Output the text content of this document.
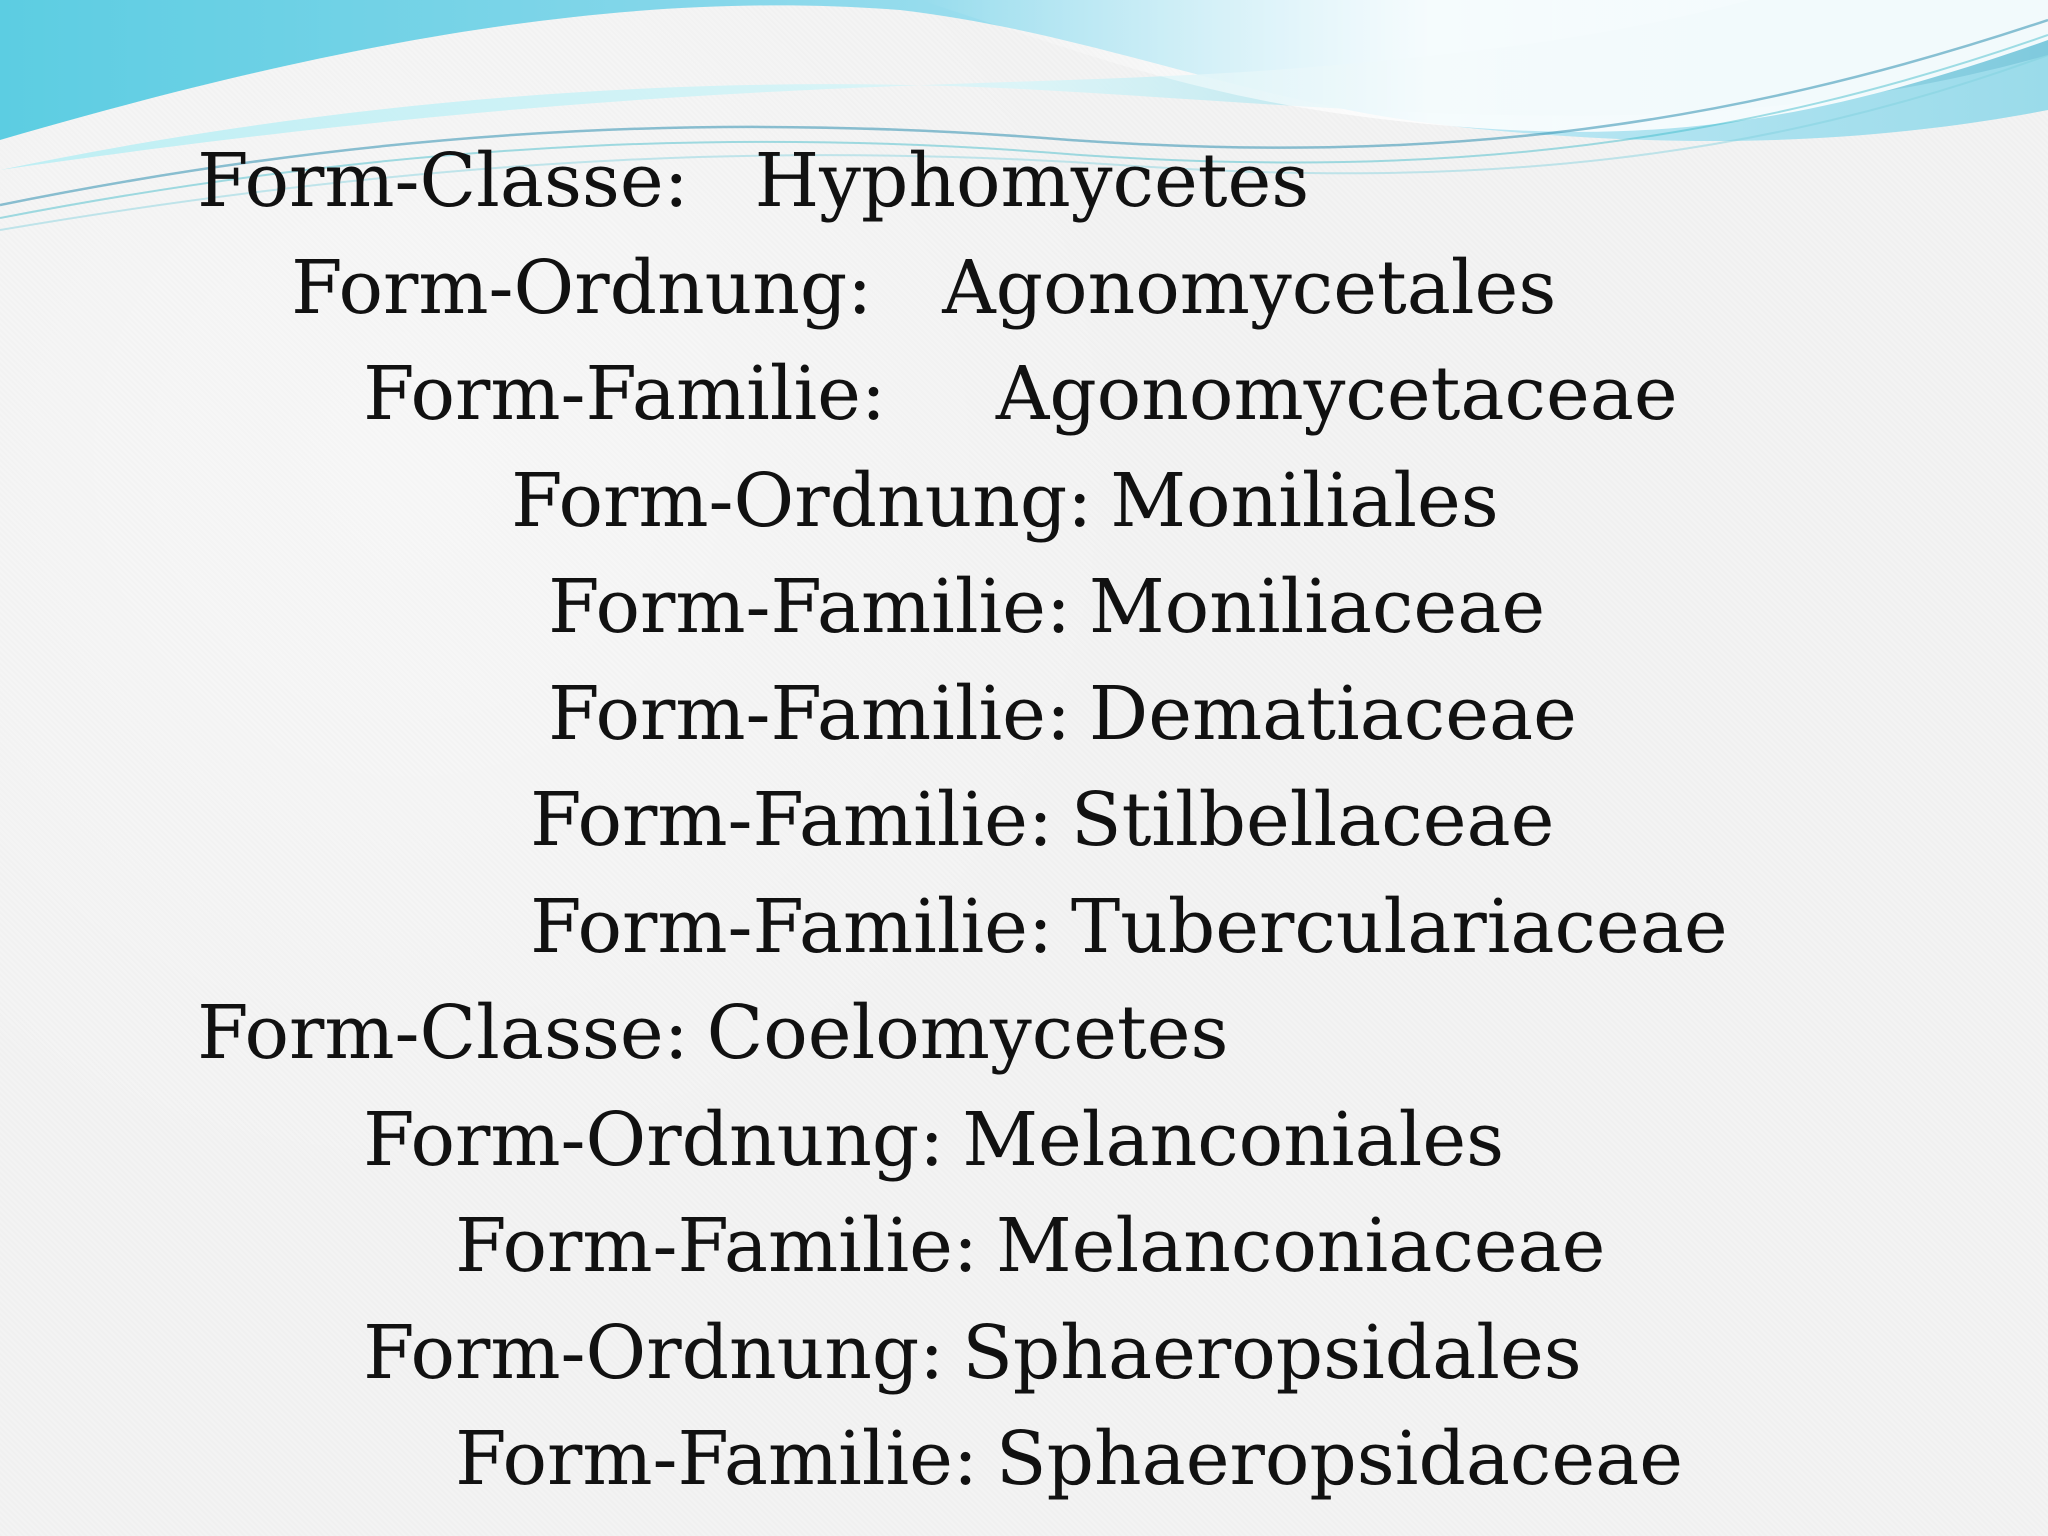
Form-Classe: Hyphomycetes

Form-Ordnung: Agonomycetales

Form-Familie: Agonomycetaceae

Form-Ordnung: Moniliales

Form-Familie: Moniliaceae

Form-Familie: Dematiaceae

Form-Familie: Stilbellaceae

Form-Familie: Tuberculariaceae

Form-Classe: Coelomycetes

Form-Ordnung: Melanconiales

Form-Familie: Melanconiaceae

Form-Ordnung: Sphaeropsidales

Form-Familie: Sphaeropsidaceae
